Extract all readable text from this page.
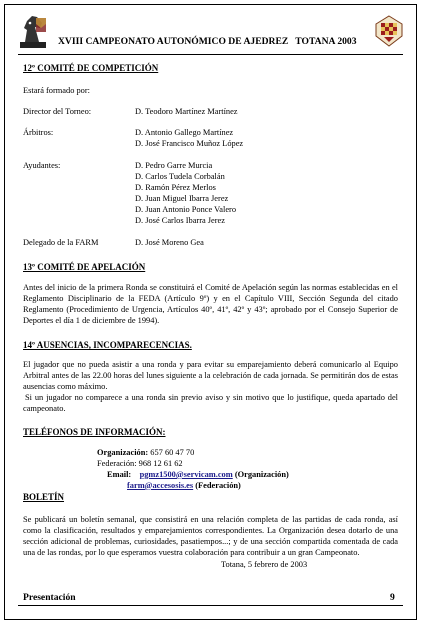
XVIII CAMPEONATO AUTONÓMICO DE AJEDREZ   TOTANA 2003
12º COMITÉ DE COMPETICIÓN
Estará formado por:
Director del Torneo:	D. Teodoro Martínez Martínez
Árbitros:	D. Antonio Gallego Martínez
D. José Francisco Muñoz López
Ayudantes:	D. Pedro Garre Murcia
D. Carlos Tudela Corbalán
D. Ramón Pérez Merlos
D. Juan Miguel Ibarra Jerez
D. Juan Antonio Ponce Valero
D. José Carlos Ibarra Jerez
Delegado de la FARM	D. José Moreno Gea
13º COMITÉ DE APELACIÓN

Antes del inicio de la primera Ronda se constituirá el Comité de Apelación según las normas establecidas en el Reglamento Disciplinario de la FEDA (Artículo 9º) y en el Capítulo VIII, Sección Segunda del citado Reglamento (Procedimiento de Urgencia, Artículos 40º, 41º, 42º y 43º; aprobado por el Consejo Superior de Deportes el día 1 de diciembre de 1994).

14º AUSENCIAS, INCOMPARECENCIAS.

El jugador que no pueda asistir a una ronda y para evitar su emparejamiento deberá comunicarlo al Equipo Arbitral antes de las 22.00 horas del lunes siguiente a la celebración de cada jornada. Se permitirán dos de estas ausencias como máximo.

Si un jugador no comparece a una ronda sin previo aviso y sin motivo que lo justifique, queda apartado del campeonato.

TELÉFONOS DE INFORMACIÓN:
Organización: 657 60 47 70
Federación: 968 12 61 62
Email: pgmz1500@servicam.com (Organización)
farm@accesosis.es (Federación)
BOLETÍN

Se publicará un boletín semanal, que consistirá en una relación completa de las partidas de cada ronda, así como la clasificación, resultados y emparejamientos correspondientes. La Organización desea dotarlo de una sección adicional de problemas, curiosidades, pasatiempos...; y de una sección compartida comentada de cada una de las rondas, por lo que esperamos vuestra colaboración para contribuir a un gran Campeonato.

Totana, 5 febrero de 2003
Presentación	9
